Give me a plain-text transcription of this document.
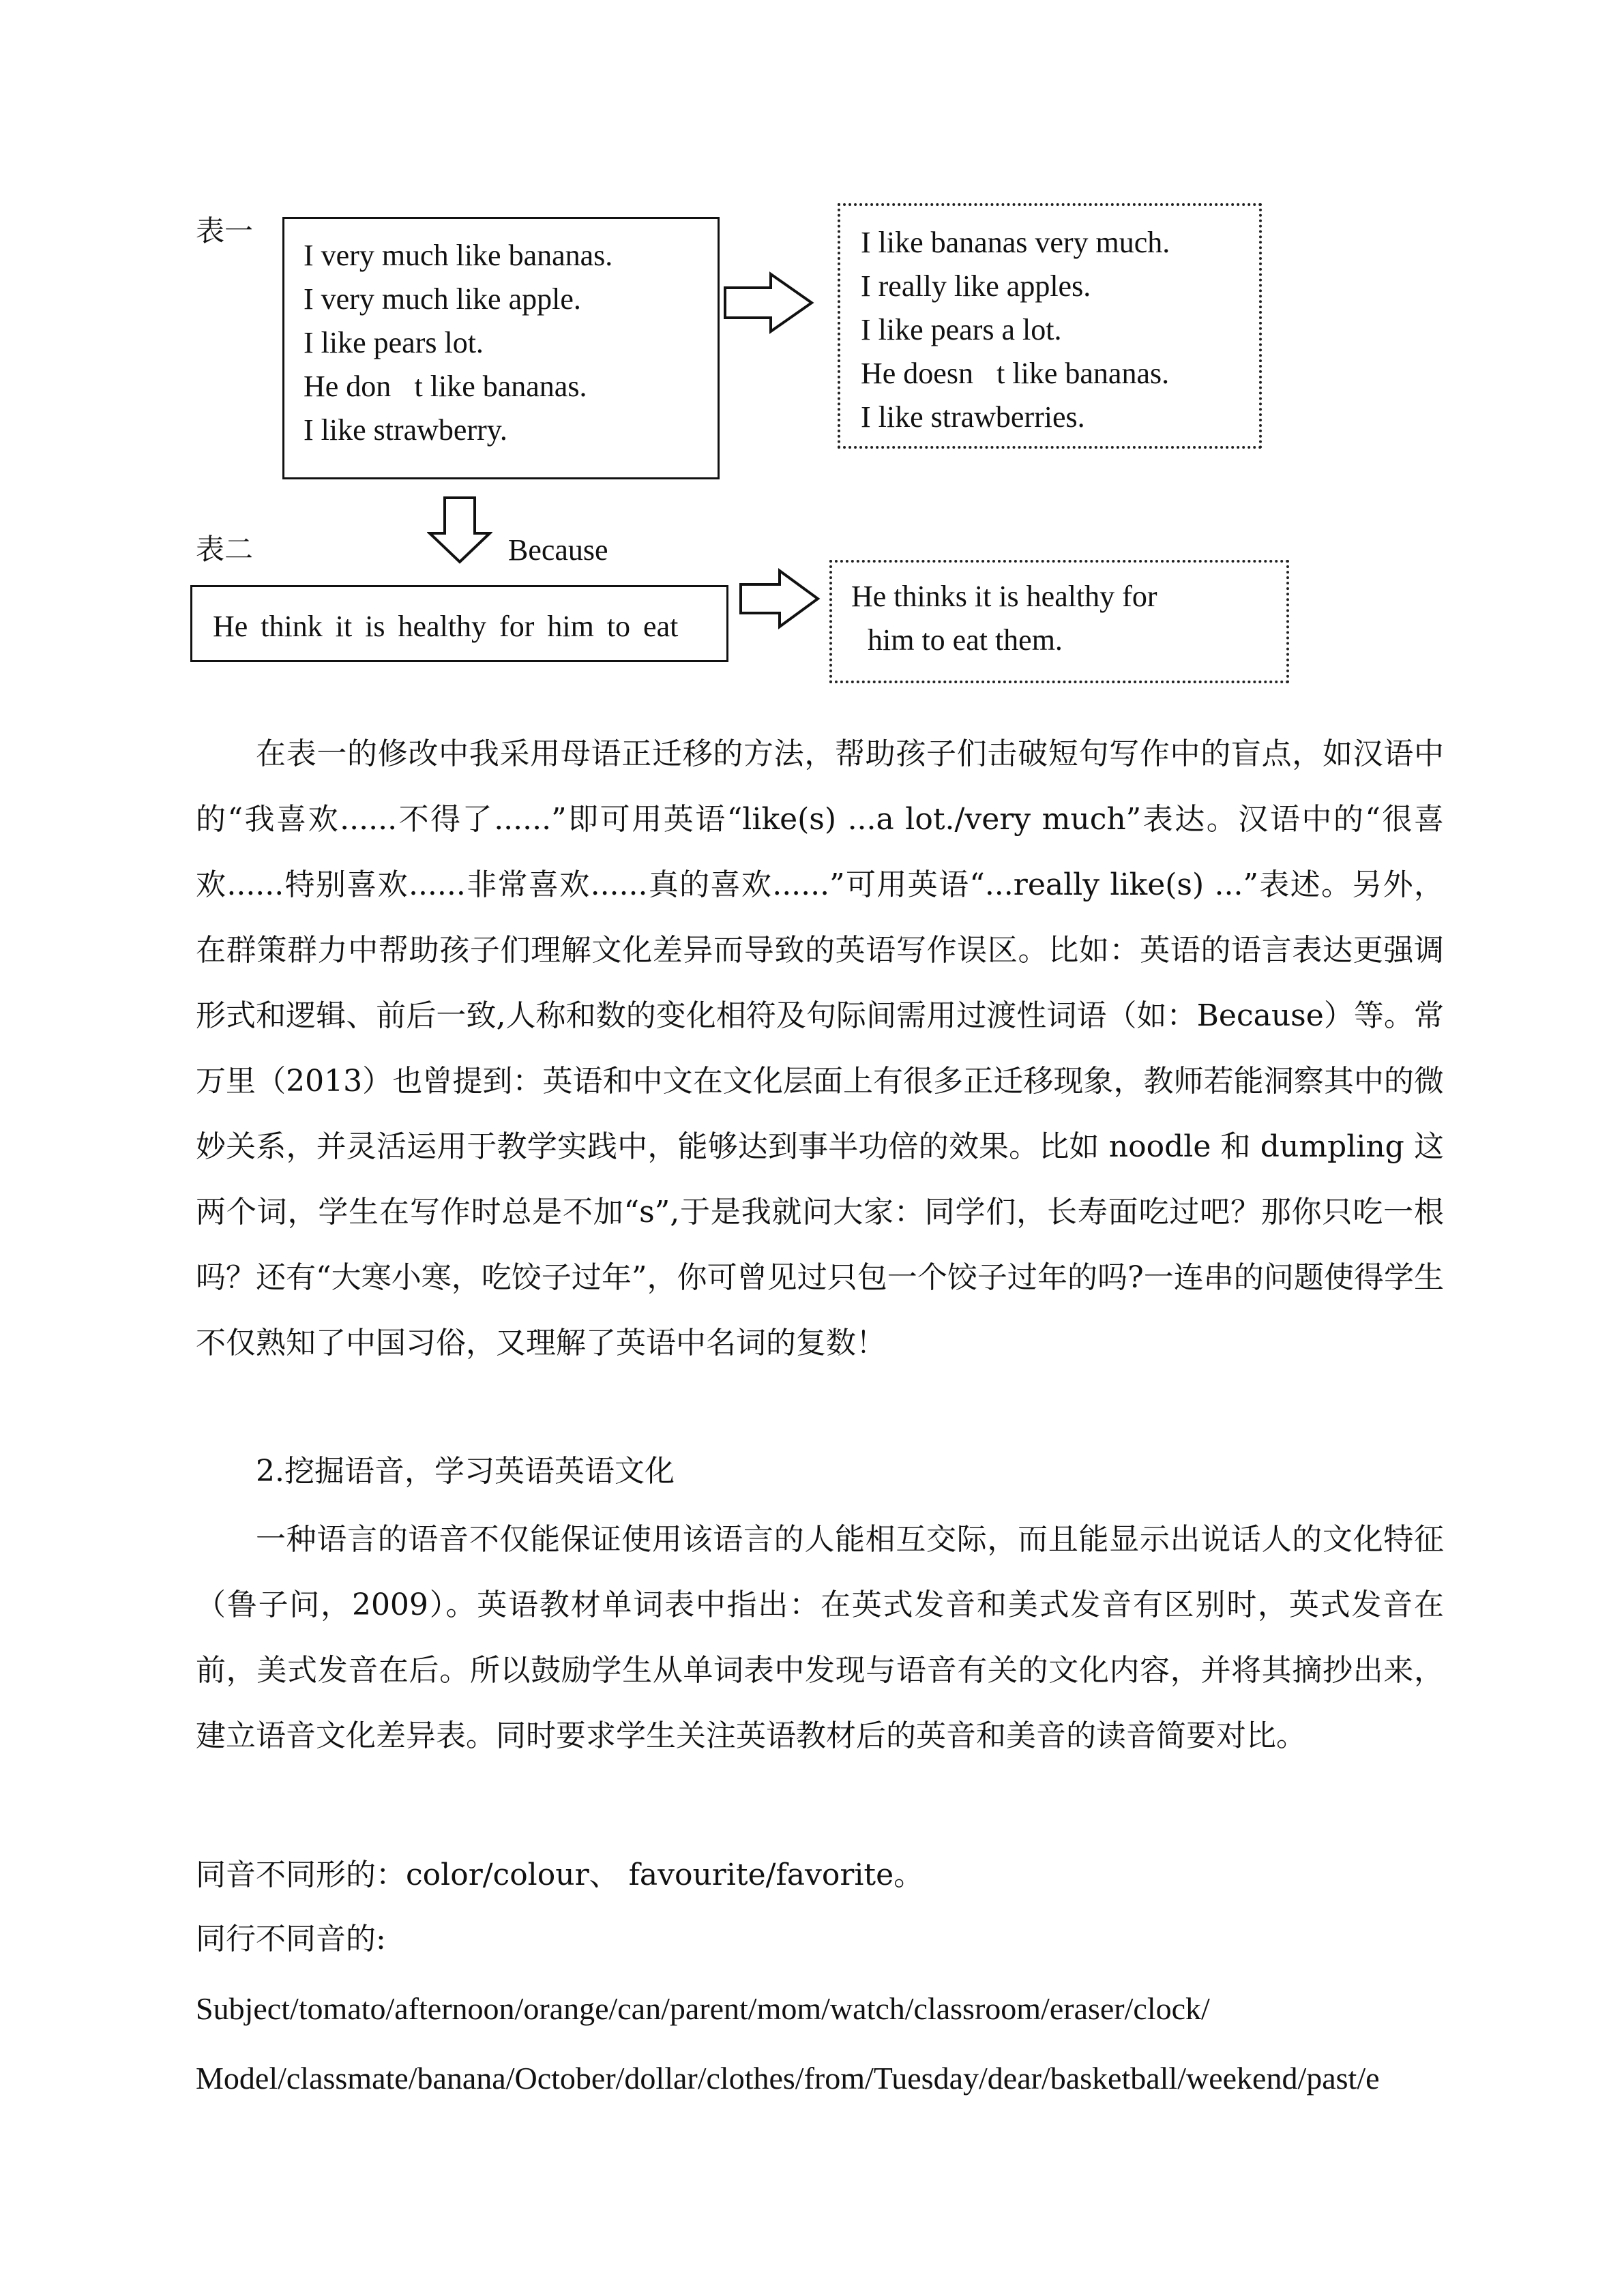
表一
I very much like bananas.
I very much like apple.
I like pears lot.
He don t like bananas.
I like strawberry.
I like bananas very much.
I really like apples.
I like pears a lot.
He doesn t like bananas.
I like strawberries.
表二	Because
He think it is healthy for him to eat
He thinks it is healthy for
him to eat them.

在表一的修改中我采用母语正迁移的方法，帮助孩子们击破短句写作中的盲点，如汉语中的“我喜欢......不得了......”即可用英语“like(s) ...a lot./very much”表达。汉语中的“很喜欢......特别喜欢......非常喜欢......真的喜欢......”可用英语“...really like(s) ...”表述。另外，在群策群力中帮助孩子们理解文化差异而导致的英语写作误区。比如：英语的语言表达更强调形式和逻辑、前后一致,人称和数的变化相符及句际间需用过渡性词语（如：Because）等。常万里（2013）也曾提到：英语和中文在文化层面上有很多正迁移现象，教师若能洞察其中的微妙关系，并灵活运用于教学实践中，能够达到事半功倍的效果。比如 noodle 和 dumpling 这两个词，学生在写作时总是不加“s”,于是我就问大家：同学们，长寿面吃过吧？那你只吃一根吗？还有“大寒小寒，吃饺子过年”，你可曾见过只包一个饺子过年的吗?一连串的问题使得学生不仅熟知了中国习俗，又理解了英语中名词的复数！

2.挖掘语音，学习英语英语文化

一种语言的语音不仅能保证使用该语言的人能相互交际，而且能显示出说话人的文化特征（鲁子问，2009）。英语教材单词表中指出：在英式发音和美式发音有区别时，英式发音在前，美式发音在后。所以鼓励学生从单词表中发现与语音有关的文化内容，并将其摘抄出来，建立语音文化差异表。同时要求学生关注英语教材后的英音和美音的读音简要对比。

同音不同形的：color/colour、 favourite/favorite。
同行不同音的:
Subject/tomato/afternoon/orange/can/parent/mom/watch/classroom/eraser/clock/
Model/classmate/banana/October/dollar/clothes/from/Tuesday/dear/basketball/weekend/past/e
